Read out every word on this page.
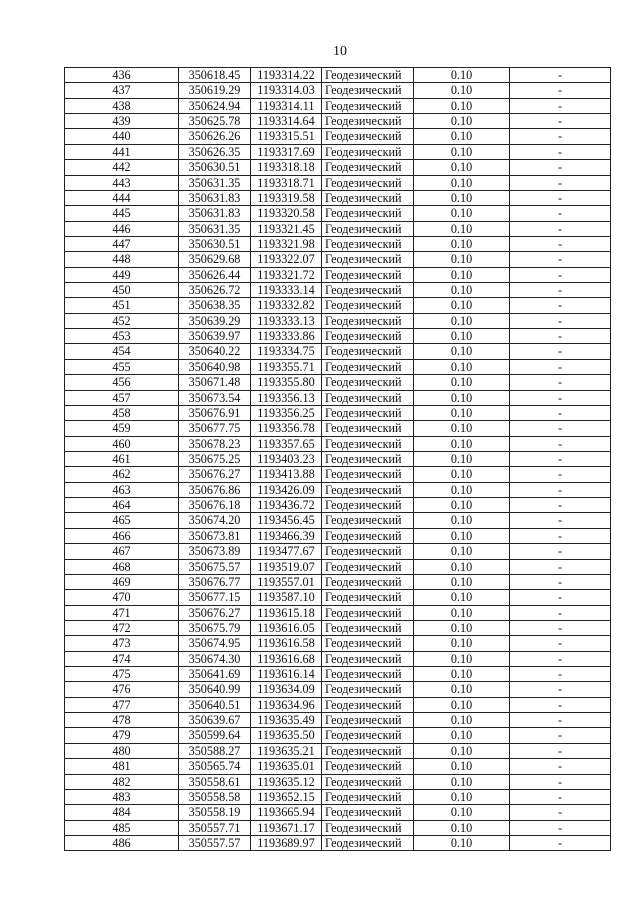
10
436	350618.45	1193314.22	Геодезический	0.10	-
437	350619.29	1193314.03	Геодезический	0.10	-
438	350624.94	1193314.11	Геодезический	0.10	-
439	350625.78	1193314.64	Геодезический	0.10	-
440	350626.26	1193315.51	Геодезический	0.10	-
441	350626.35	1193317.69	Геодезический	0.10	-
442	350630.51	1193318.18	Геодезический	0.10	-
443	350631.35	1193318.71	Геодезический	0.10	-
444	350631.83	1193319.58	Геодезический	0.10	-
445	350631.83	1193320.58	Геодезический	0.10	-
446	350631.35	1193321.45	Геодезический	0.10	-
447	350630.51	1193321.98	Геодезический	0.10	-
448	350629.68	1193322.07	Геодезический	0.10	-
449	350626.44	1193321.72	Геодезический	0.10	-
450	350626.72	1193333.14	Геодезический	0.10	-
451	350638.35	1193332.82	Геодезический	0.10	-
452	350639.29	1193333.13	Геодезический	0.10	-
453	350639.97	1193333.86	Геодезический	0.10	-
454	350640.22	1193334.75	Геодезический	0.10	-
455	350640.98	1193355.71	Геодезический	0.10	-
456	350671.48	1193355.80	Геодезический	0.10	-
457	350673.54	1193356.13	Геодезический	0.10	-
458	350676.91	1193356.25	Геодезический	0.10	-
459	350677.75	1193356.78	Геодезический	0.10	-
460	350678.23	1193357.65	Геодезический	0.10	-
461	350675.25	1193403.23	Геодезический	0.10	-
462	350676.27	1193413.88	Геодезический	0.10	-
463	350676.86	1193426.09	Геодезический	0.10	-
464	350676.18	1193436.72	Геодезический	0.10	-
465	350674.20	1193456.45	Геодезический	0.10	-
466	350673.81	1193466.39	Геодезический	0.10	-
467	350673.89	1193477.67	Геодезический	0.10	-
468	350675.57	1193519.07	Геодезический	0.10	-
469	350676.77	1193557.01	Геодезический	0.10	-
470	350677.15	1193587.10	Геодезический	0.10	-
471	350676.27	1193615.18	Геодезический	0.10	-
472	350675.79	1193616.05	Геодезический	0.10	-
473	350674.95	1193616.58	Геодезический	0.10	-
474	350674.30	1193616.68	Геодезический	0.10	-
475	350641.69	1193616.14	Геодезический	0.10	-
476	350640.99	1193634.09	Геодезический	0.10	-
477	350640.51	1193634.96	Геодезический	0.10	-
478	350639.67	1193635.49	Геодезический	0.10	-
479	350599.64	1193635.50	Геодезический	0.10	-
480	350588.27	1193635.21	Геодезический	0.10	-
481	350565.74	1193635.01	Геодезический	0.10	-
482	350558.61	1193635.12	Геодезический	0.10	-
483	350558.58	1193652.15	Геодезический	0.10	-
484	350558.19	1193665.94	Геодезический	0.10	-
485	350557.71	1193671.17	Геодезический	0.10	-
486	350557.57	1193689.97	Геодезический	0.10	-
